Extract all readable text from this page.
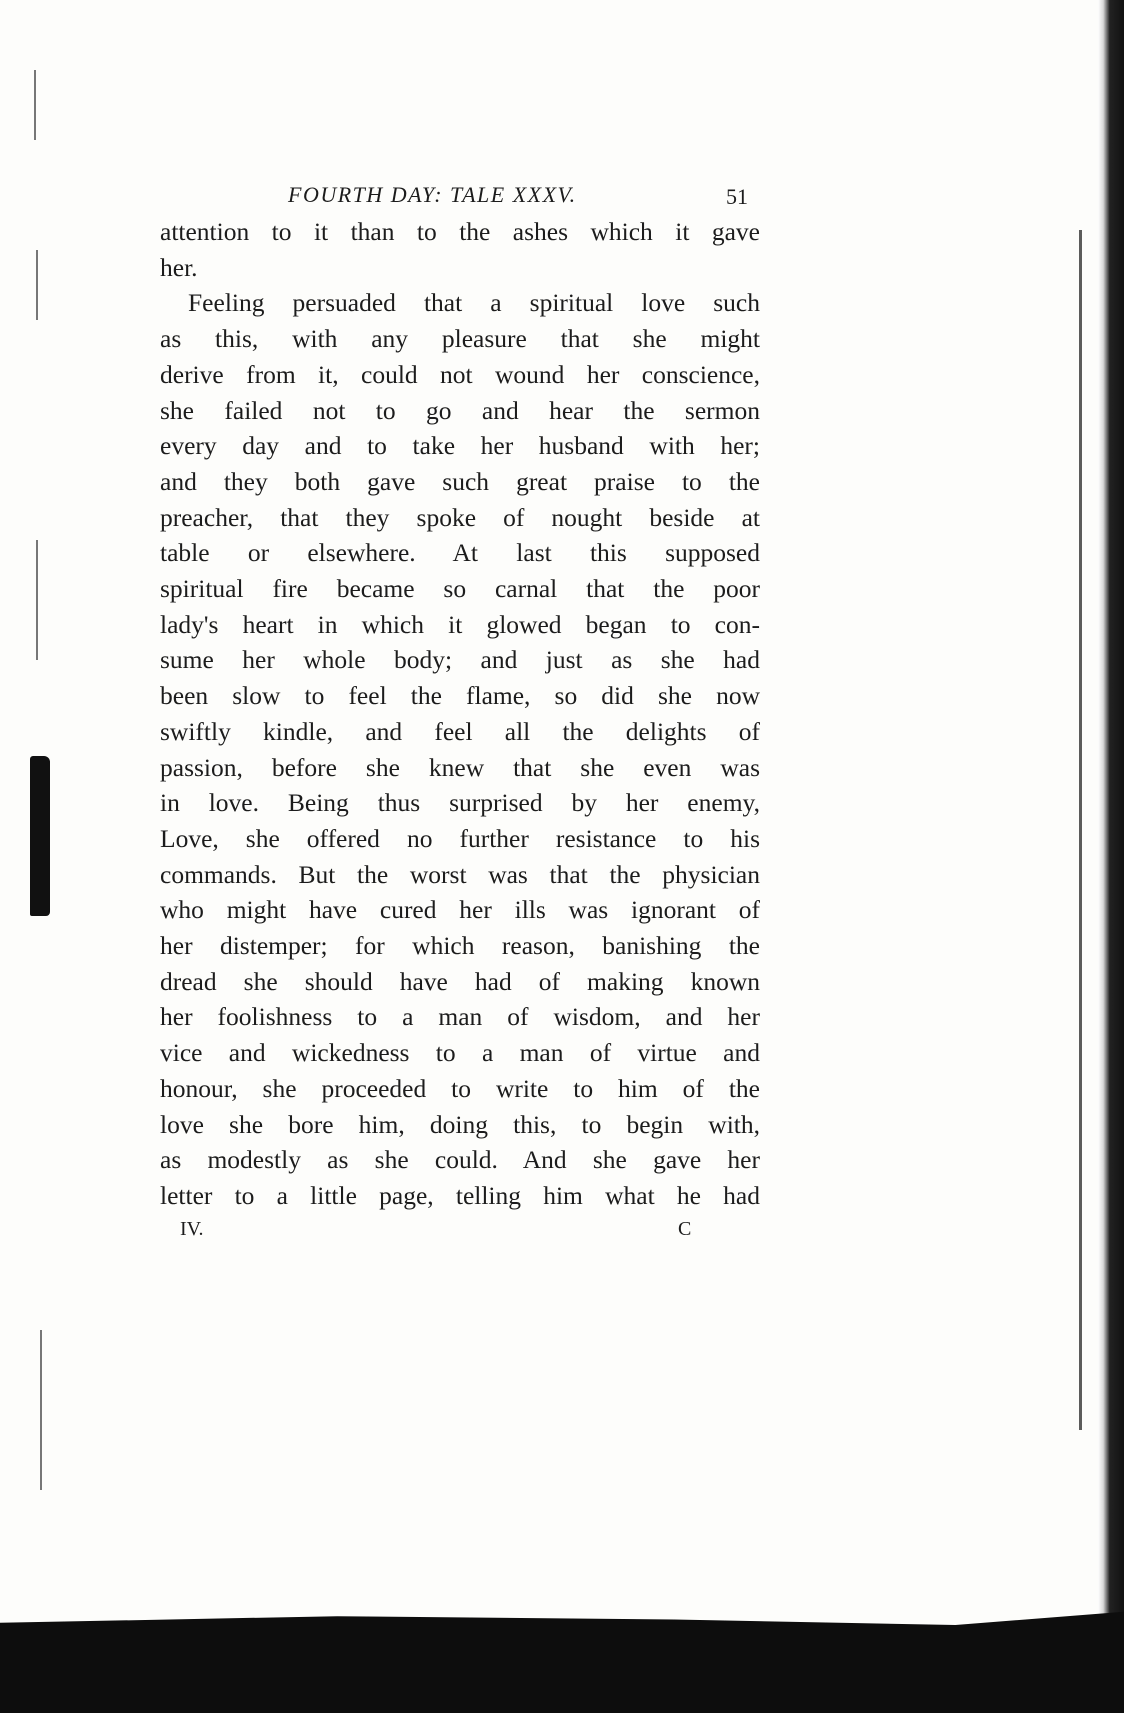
FOURTH DAY: TALE XXXV.	51

attention to it than to the ashes which it gave
her.

Feeling persuaded that a spiritual love such
as this, with any pleasure that she might
derive from it, could not wound her conscience,
she failed not to go and hear the sermon
every day and to take her husband with her;
and they both gave such great praise to the
preacher, that they spoke of nought beside at
table or elsewhere. At last this supposed
spiritual fire became so carnal that the poor
lady's heart in which it glowed began to con-
sume her whole body; and just as she had
been slow to feel the flame, so did she now
swiftly kindle, and feel all the delights of
passion, before she knew that she even was
in love. Being thus surprised by her enemy,
Love, she offered no further resistance to his
commands. But the worst was that the physician
who might have cured her ills was ignorant of
her distemper; for which reason, banishing the
dread she should have had of making known
her foolishness to a man of wisdom, and her
vice and wickedness to a man of virtue and
honour, she proceeded to write to him of the
love she bore him, doing this, to begin with,
as modestly as she could. And she gave her
letter to a little page, telling him what he had

IV.	C
